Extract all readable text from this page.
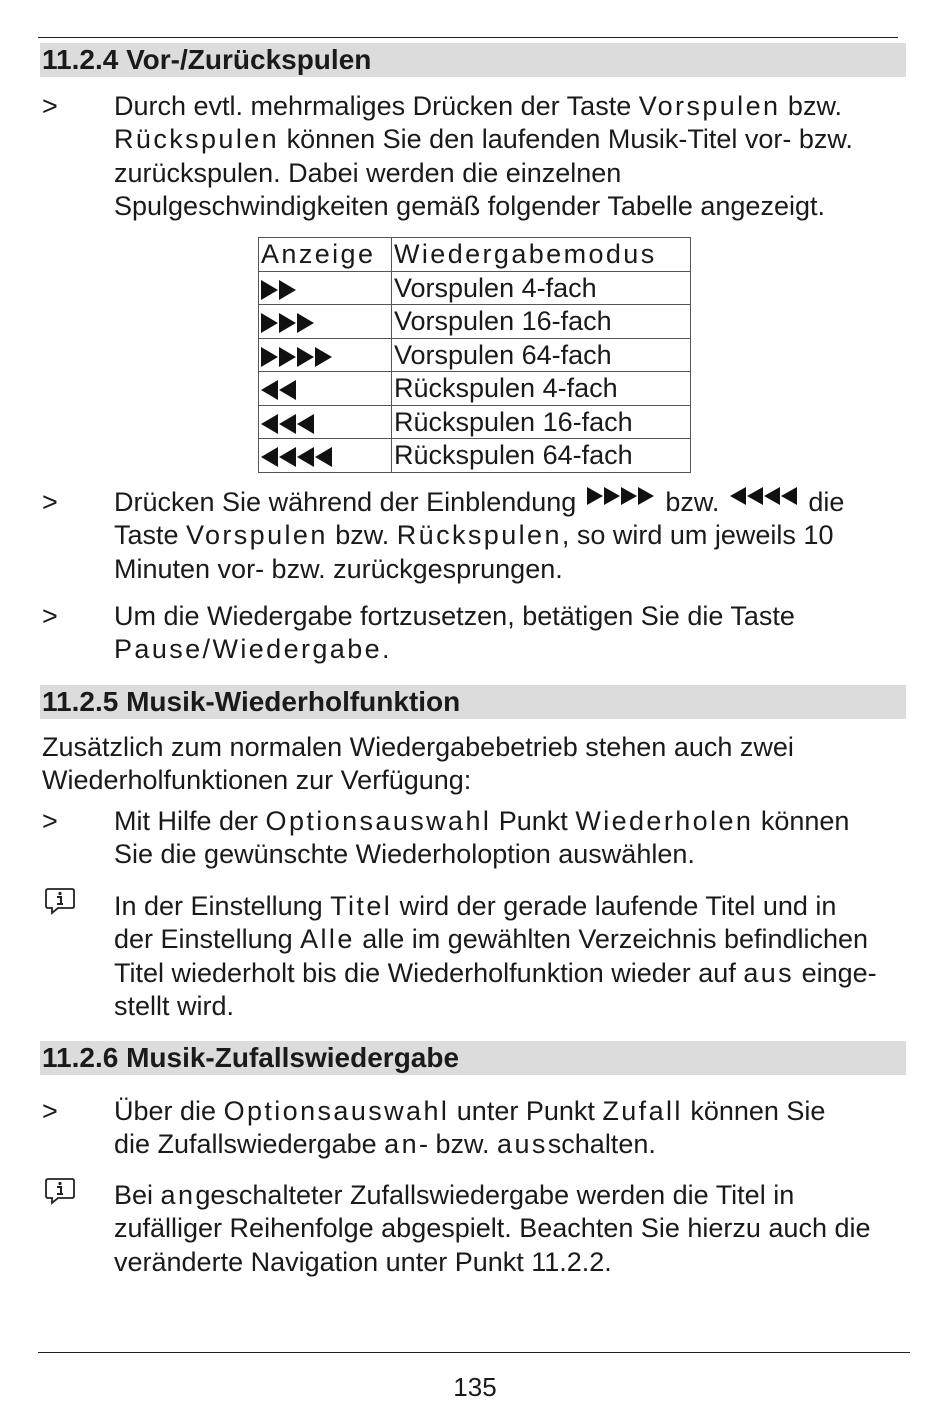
11.2.4 Vor-/Zurückspulen
> Durch evtl. mehrmaliges Drücken der Taste Vorspulen bzw.
Rückspulen können Sie den laufenden Musik-Titel vor- bzw.
zurückspulen. Dabei werden die einzelnen
Spulgeschwindigkeiten gemäß folgender Tabelle angezeigt.
Anzeige	Wiedergabemodus
	Vorspulen 4-fach
	Vorspulen 16-fach
	Vorspulen 64-fach
	Rückspulen 4-fach
	Rückspulen 16-fach
	Rückspulen 64-fach
> Drücken Sie während der Einblendung	bzw.	die
Taste Vorspulen bzw. Rückspulen, so wird um jeweils 10
Minuten vor- bzw. zurückgesprungen.
> Um die Wiedergabe fortzusetzen, betätigen Sie die Taste
Pause/Wiedergabe.
11.2.5 Musik-Wiederholfunktion
Zusätzlich zum normalen Wiedergabebetrieb stehen auch zwei
Wiederholfunktionen zur Verfügung:
> Mit Hilfe der Optionsauswahl Punkt Wiederholen können
Sie die gewünschte Wiederholoption auswählen.
In der Einstellung Titel wird der gerade laufende Titel und in
der Einstellung Alle alle im gewählten Verzeichnis befindlichen
Titel wiederholt bis die Wiederholfunktion wieder auf aus einge-
stellt wird.
11.2.6 Musik-Zufallswiedergabe
> Über die Optionsauswahl unter Punkt Zufall können Sie
die Zufallswiedergabe an- bzw. ausschalten.
Bei angeschalteter Zufallswiedergabe werden die Titel in
zufälliger Reihenfolge abgespielt. Beachten Sie hierzu auch die
veränderte Navigation unter Punkt 11.2.2.
135
